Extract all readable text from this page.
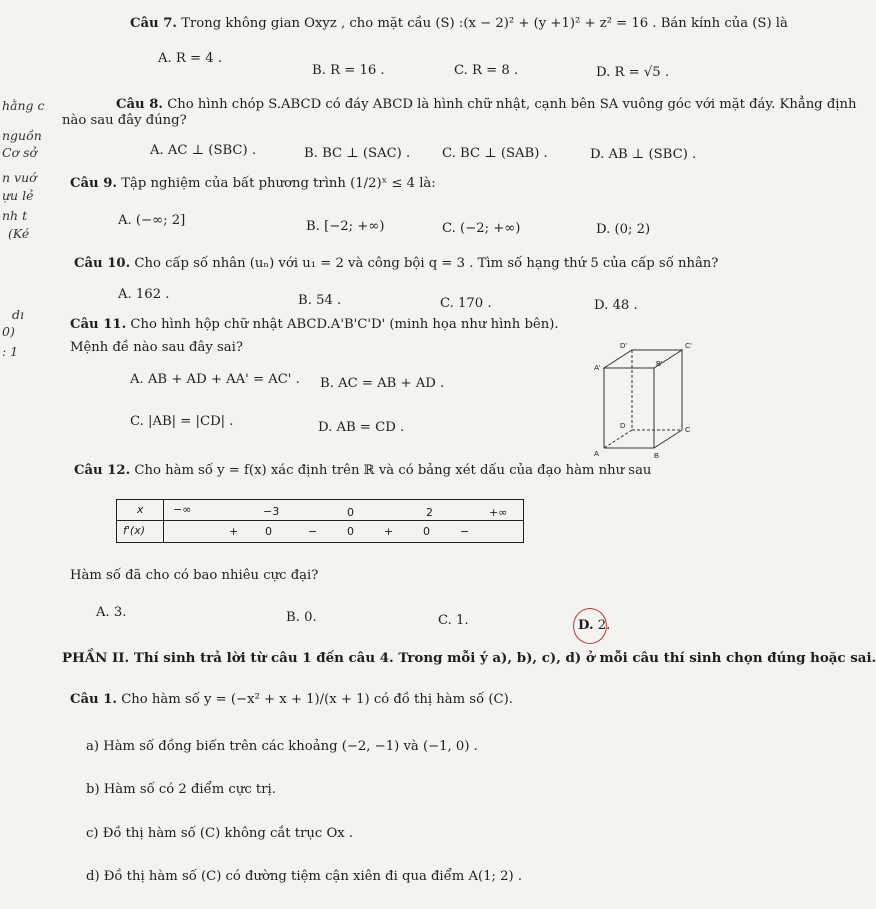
hằng c
nguồn
Cơ sở
n vuớ
ựu lẻ
nh t
(Ké
dı
0)
: 1
Câu 7. Trong không gian Oxyz , cho mặt cầu (S) :(x − 2)² + (y +1)² + z² = 16 . Bán kính của (S) là
A. R = 4 .
B. R = 16 .	C. R = 8 .	D. R = √5 .
Câu 8. Cho hình chóp S.ABCD có đáy ABCD là hình chữ nhật, cạnh bên SA vuông góc với mặt đáy. Khẳng định
nào sau đây đúng?
A. AC ⊥ (SBC) .	B. BC ⊥ (SAC) . C. BC ⊥ (SAB) .	D. AB ⊥ (SBC) .
Câu 9. Tập nghiệm của bất phương trình (1/2)ˣ ≤ 4 là:
A. (−∞; 2]	B. [−2; +∞)	C. (−2; +∞)	D. (0; 2)
Câu 10. Cho cấp số nhân (uₙ) với u₁ = 2 và công bội q = 3 . Tìm số hạng thứ 5 của cấp số nhân?
A. 162 .	B. 54 .	C. 170 .	D. 48 .
Câu 11. Cho hình hộp chữ nhật ABCD.A'B'C'D' (minh họa như hình bên).
Mệnh đề nào sau đây sai?
A. AB + AD + AA' = AC' . B. AC = AB + AD .
C. |AB| = |CD| .	D. AB = CD .
D'	C'
A'	B'
D	C
A	B
Câu 12. Cho hàm số y = f(x) xác định trên ℝ và có bảng xét dấu của đạo hàm như sau
x	−∞	−3	0	2	+∞
f'(x)	+ 0	−	0	+	0	−
Hàm số đã cho có bao nhiêu cực đại?
A. 3.	B. 0.	C. 1.	D. 2.
PHẦN II. Thí sinh trả lời từ câu 1 đến câu 4. Trong mỗi ý a), b), c), d) ở mỗi câu thí sinh chọn đúng hoặc sai.
Câu 1. Cho hàm số y = (−x² + x + 1)/(x + 1) có đồ thị hàm số (C).
a) Hàm số đồng biến trên các khoảng (−2, −1) và (−1, 0) .
b) Hàm số có 2 điểm cực trị.
c) Đồ thị hàm số (C) không cắt trục Ox .
d) Đồ thị hàm số (C) có đường tiệm cận xiên đi qua điểm A(1; 2) .
